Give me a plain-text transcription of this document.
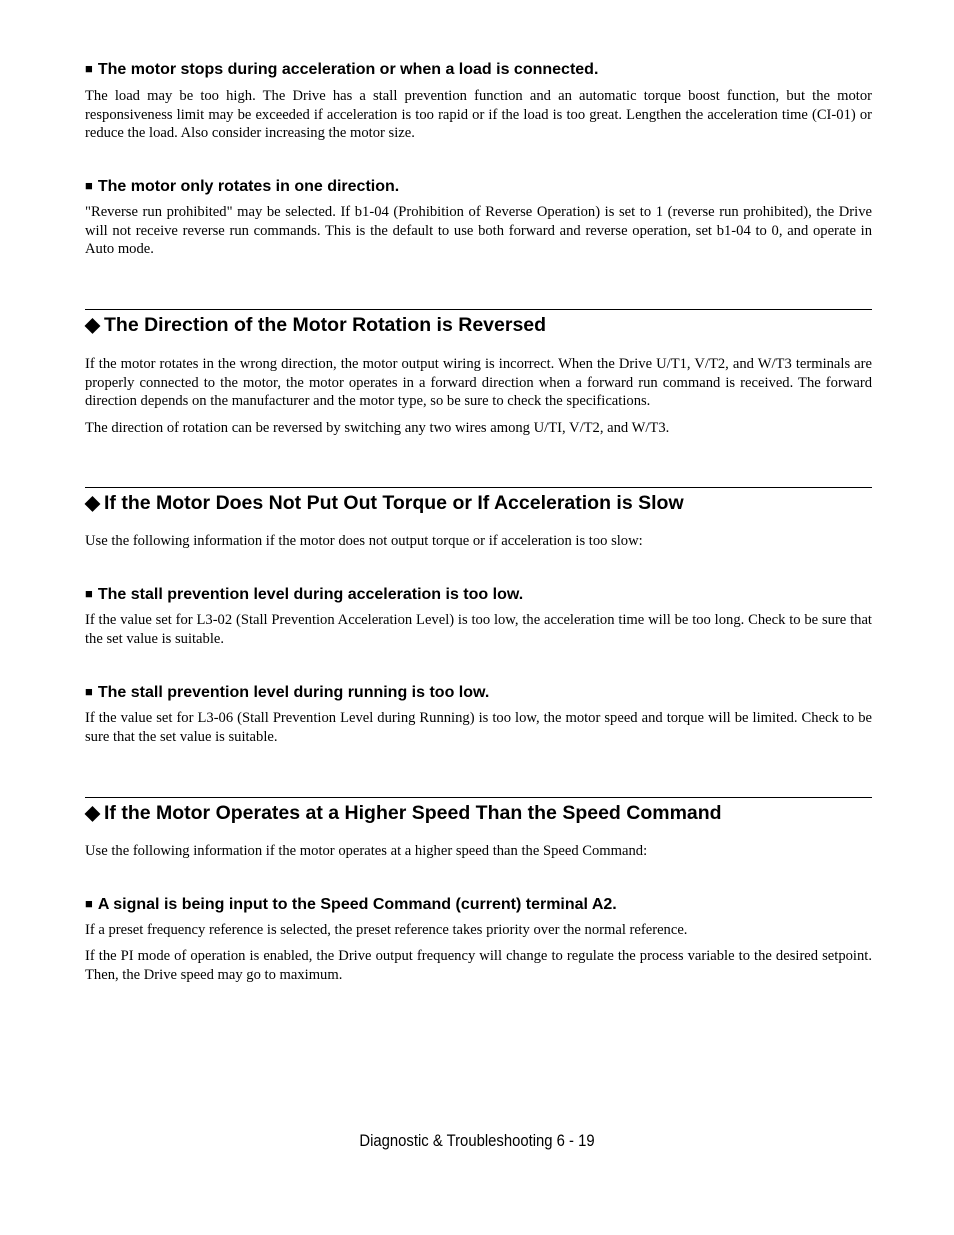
■ The motor stops during acceleration or when a load is connected.
The load may be too high. The Drive has a stall prevention function and an automatic torque boost function, but the motor responsiveness limit may be exceeded if acceleration is too rapid or if the load is too great. Lengthen the acceleration time (CI-01) or reduce the load. Also consider increasing the motor size.
■ The motor only rotates in one direction.
"Reverse run prohibited" may be selected. If b1-04 (Prohibition of Reverse Operation) is set to 1 (reverse run prohibited), the Drive will not receive reverse run commands. This is the default to use both forward and reverse operation, set b1-04 to 0, and operate in Auto mode.
◆ The Direction of the Motor Rotation is Reversed
If the motor rotates in the wrong direction, the motor output wiring is incorrect. When the Drive U/T1, V/T2, and W/T3 terminals are properly connected to the motor, the motor operates in a forward direction when a forward run command is received. The forward direction depends on the manufacturer and the motor type, so be sure to check the specifications.
The direction of rotation can be reversed by switching any two wires among U/TI, V/T2, and W/T3.
◆ If the Motor Does Not Put Out Torque or If Acceleration is Slow
Use the following information if the motor does not output torque or if acceleration is too slow:
■ The stall prevention level during acceleration is too low.
If the value set for L3-02 (Stall Prevention Acceleration Level) is too low, the acceleration time will be too long. Check to be sure that the set value is suitable.
■ The stall prevention level during running is too low.
If the value set for L3-06 (Stall Prevention Level during Running) is too low, the motor speed and torque will be limited. Check to be sure that the set value is suitable.
◆ If the Motor Operates at a Higher Speed Than the Speed Command
Use the following information if the motor operates at a higher speed than the Speed Command:
■ A signal is being input to the Speed Command (current) terminal A2.
If a preset frequency reference is selected, the preset reference takes priority over the normal reference.
If the PI mode of operation is enabled, the Drive output frequency will change to regulate the process variable to the desired setpoint. Then, the Drive speed may go to maximum.
Diagnostic & Troubleshooting 6 - 19
